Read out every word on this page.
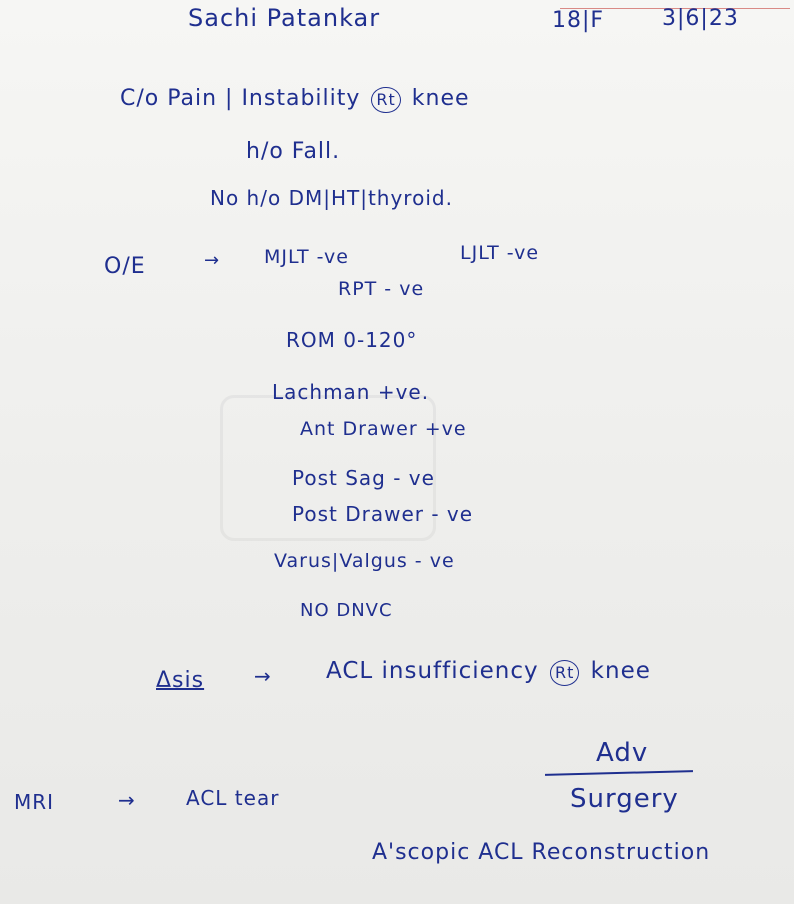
Sachi Patankar	18|F	3|6|23
C/o Pain | Instability Rt knee
h/o Fall.
No h/o DM|HT|thyroid.
O/E	→ MJLT -ve	LJLT -ve
RPT - ve
ROM 0-120°
Lachman +ve.
Ant Drawer +ve
Post Sag - ve
Post Drawer - ve
Varus|Valgus - ve
NO DNVC
Δsis → ACL insufficiency Rt knee
MRI	→	ACL tear
Adv
Surgery
A'scopic ACL Reconstruction
